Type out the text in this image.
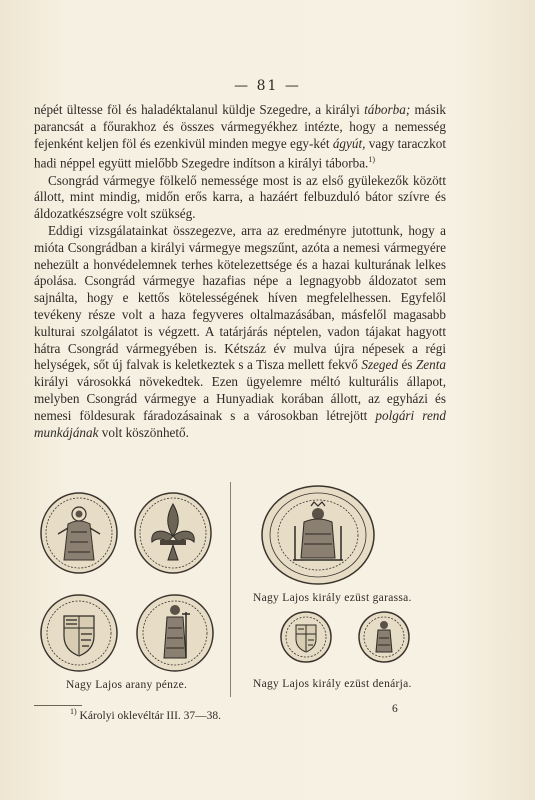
— 81 —

népét ültesse föl és haladéktalanul küldje Szegedre, a királyi táborba; másik parancsát a főurakhoz és összes vármegyékhez intézte, hogy a nemesség fejenként keljen föl és ezenkivül minden megye egy-két ágyút, vagy taraczkot hadi néppel együtt mielőbb Szegedre indítson a királyi táborba.$^{1)}$

Csongrád vármegye fölkelő nemessége most is az első gyülekezők között állott, mint mindig, midőn erős karra, a hazáért felbuzduló bátor szívre és áldozatkészségre volt szükség.

Eddigi vizsgálatainkat összegezve, arra az eredményre jutottunk, hogy a mióta Csongrádban a királyi vármegye megszűnt, azóta a nemesi vármegyére nehezült a honvédelemnek terhes kötelezettsége és a hazai kulturának lelkes ápolása. Csongrád vármegye hazafias népe a legnagyobb áldozatot sem sajnálta, hogy e kettős kötelességének híven megfelelhessen. Egyfelől tevékeny része volt a haza fegyveres oltalmazásában, másfelől magasabb kulturai szolgálatot is végzett. A tatárjárás néptelen, vadon tájakat hagyott hátra Csongrád vármegyében is. Kétszáz év mulva újra népesek a régi helységek, sőt új falvak is keletkeztek s a Tisza mellett fekvő Szeged és Zenta királyi városokká növekedtek. Ezen ügyelemre méltó kulturális állapot, melyben Csongrád vármegye a Hunyadiak korában állott, az egyházi és nemesi földesurak fáradozásainak s a városokban létrejött polgári rend munkájának volt köszönhető.

Nagy Lajos arany pénze.
Nagy Lajos király ezüst garassa.
Nagy Lajos király ezüst denárja.
$^{1)}$ Károlyi oklevéltár III. 37—38.
6
